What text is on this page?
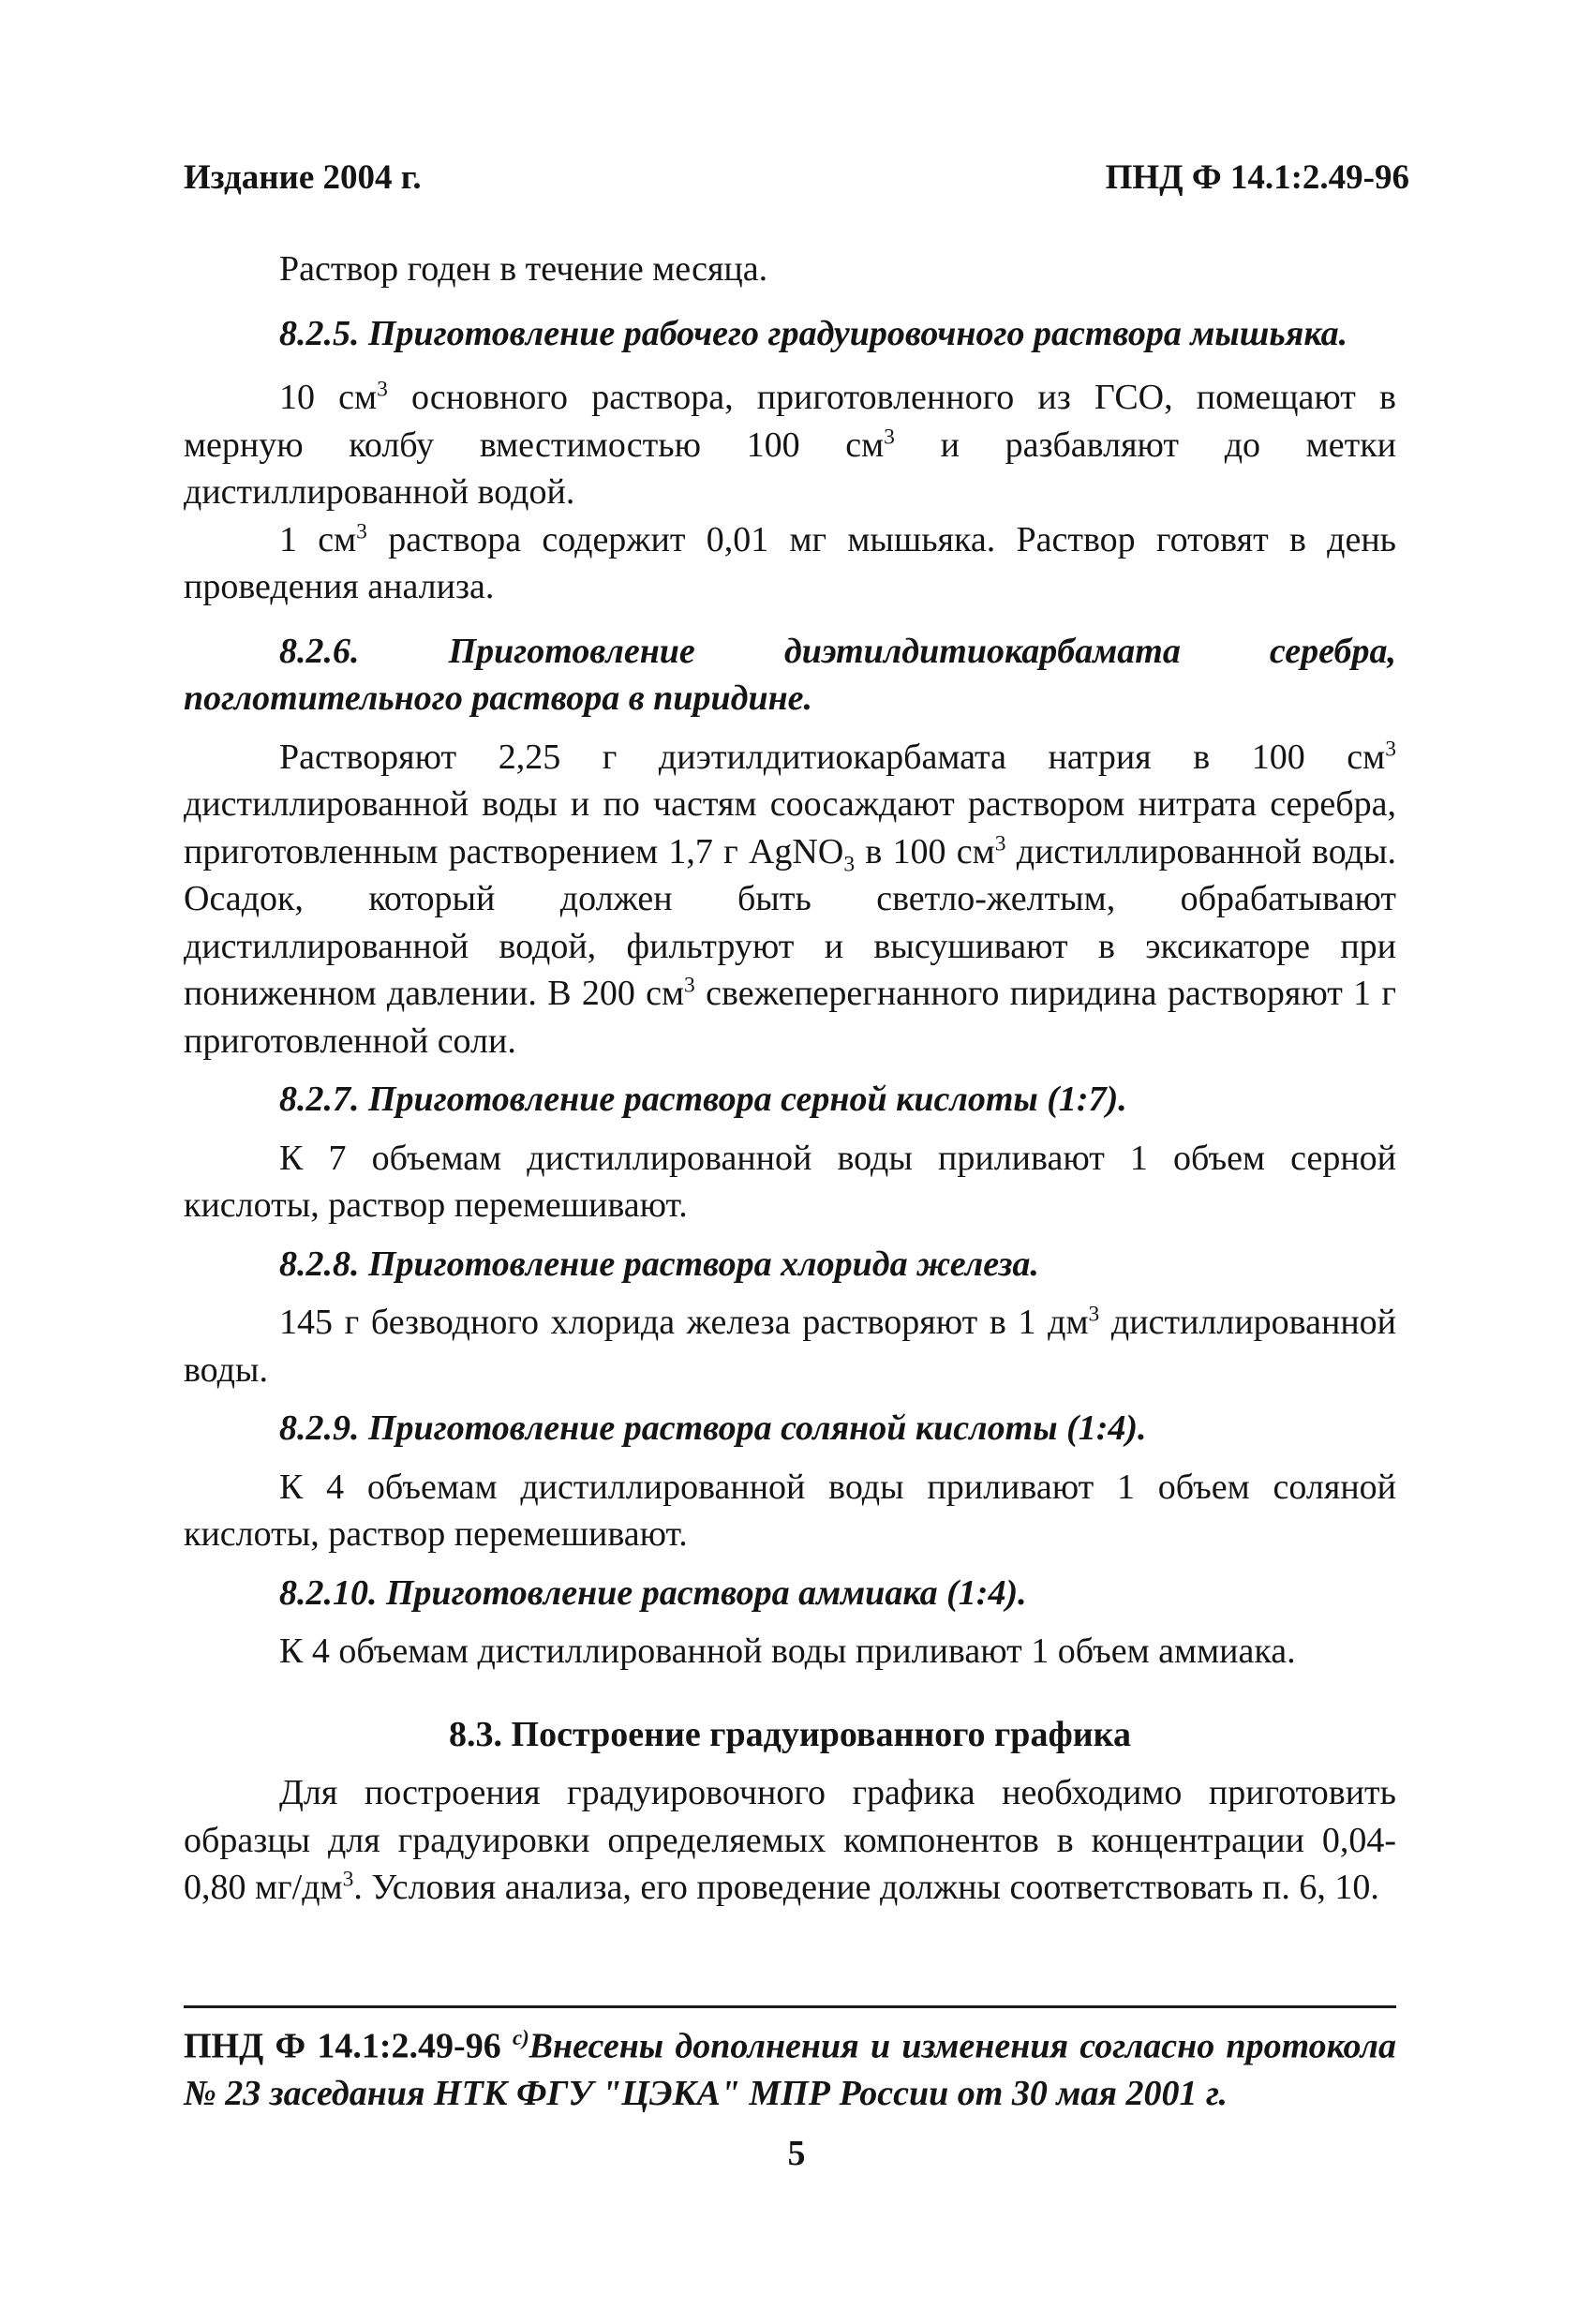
Издание 2004 г.	ПНД Ф 14.1:2.49-96

Раствор годен в течение месяца.

8.2.5. Приготовление рабочего градуировочного раствора мышьяка.

10 $см^3$ основного раствора, приготовленного из ГСО, помещают в мерную колбу вместимостью 100 $см^3$ и разбавляют до метки дистиллированной водой.

1 $см^3$ раствора содержит 0,01 мг мышьяка. Раствор готовят в день проведения анализа.

8.2.6. Приготовление диэтилдитиокарбамата серебра, поглотительного раствора в пиридине.

Растворяют 2,25 г диэтилдитиокарбамата натрия в 100 $см^3$ дистиллированной воды и по частям соосаждают раствором нитрата серебра, приготовленным растворением 1,7 г AgNO$_3$ в 100 $см^3$ дистиллированной воды. Осадок, который должен быть светло-желтым, обрабатывают дистиллированной водой, фильтруют и высушивают в эксикаторе при пониженном давлении. В 200 $см^3$ свежеперегнанного пиридина растворяют 1 г приготовленной соли.

8.2.7. Приготовление раствора серной кислоты (1:7).

К 7 объемам дистиллированной воды приливают 1 объем серной кислоты, раствор перемешивают.

8.2.8. Приготовление раствора хлорида железа.

145 г безводного хлорида железа растворяют в 1 $дм^3$ дистиллированной воды.

8.2.9. Приготовление раствора соляной кислоты (1:4).

К 4 объемам дистиллированной воды приливают 1 объем соляной кислоты, раствор перемешивают.

8.2.10. Приготовление раствора аммиака (1:4).

К 4 объемам дистиллированной воды приливают 1 объем аммиака.

8.3. Построение градуированного графика

Для построения градуировочного графика необходимо приготовить образцы для градуировки определяемых компонентов в концентрации 0,04-0,80 $мг/дм^3$. Условия анализа, его проведение должны соответствовать п. 6, 10.

ПНД Ф 14.1:2.49-96 $^{с)}$Внесены дополнения и изменения согласно протокола № 23 заседания НТК ФГУ "ЦЭКА" МПР России от 30 мая 2001 г.
5
